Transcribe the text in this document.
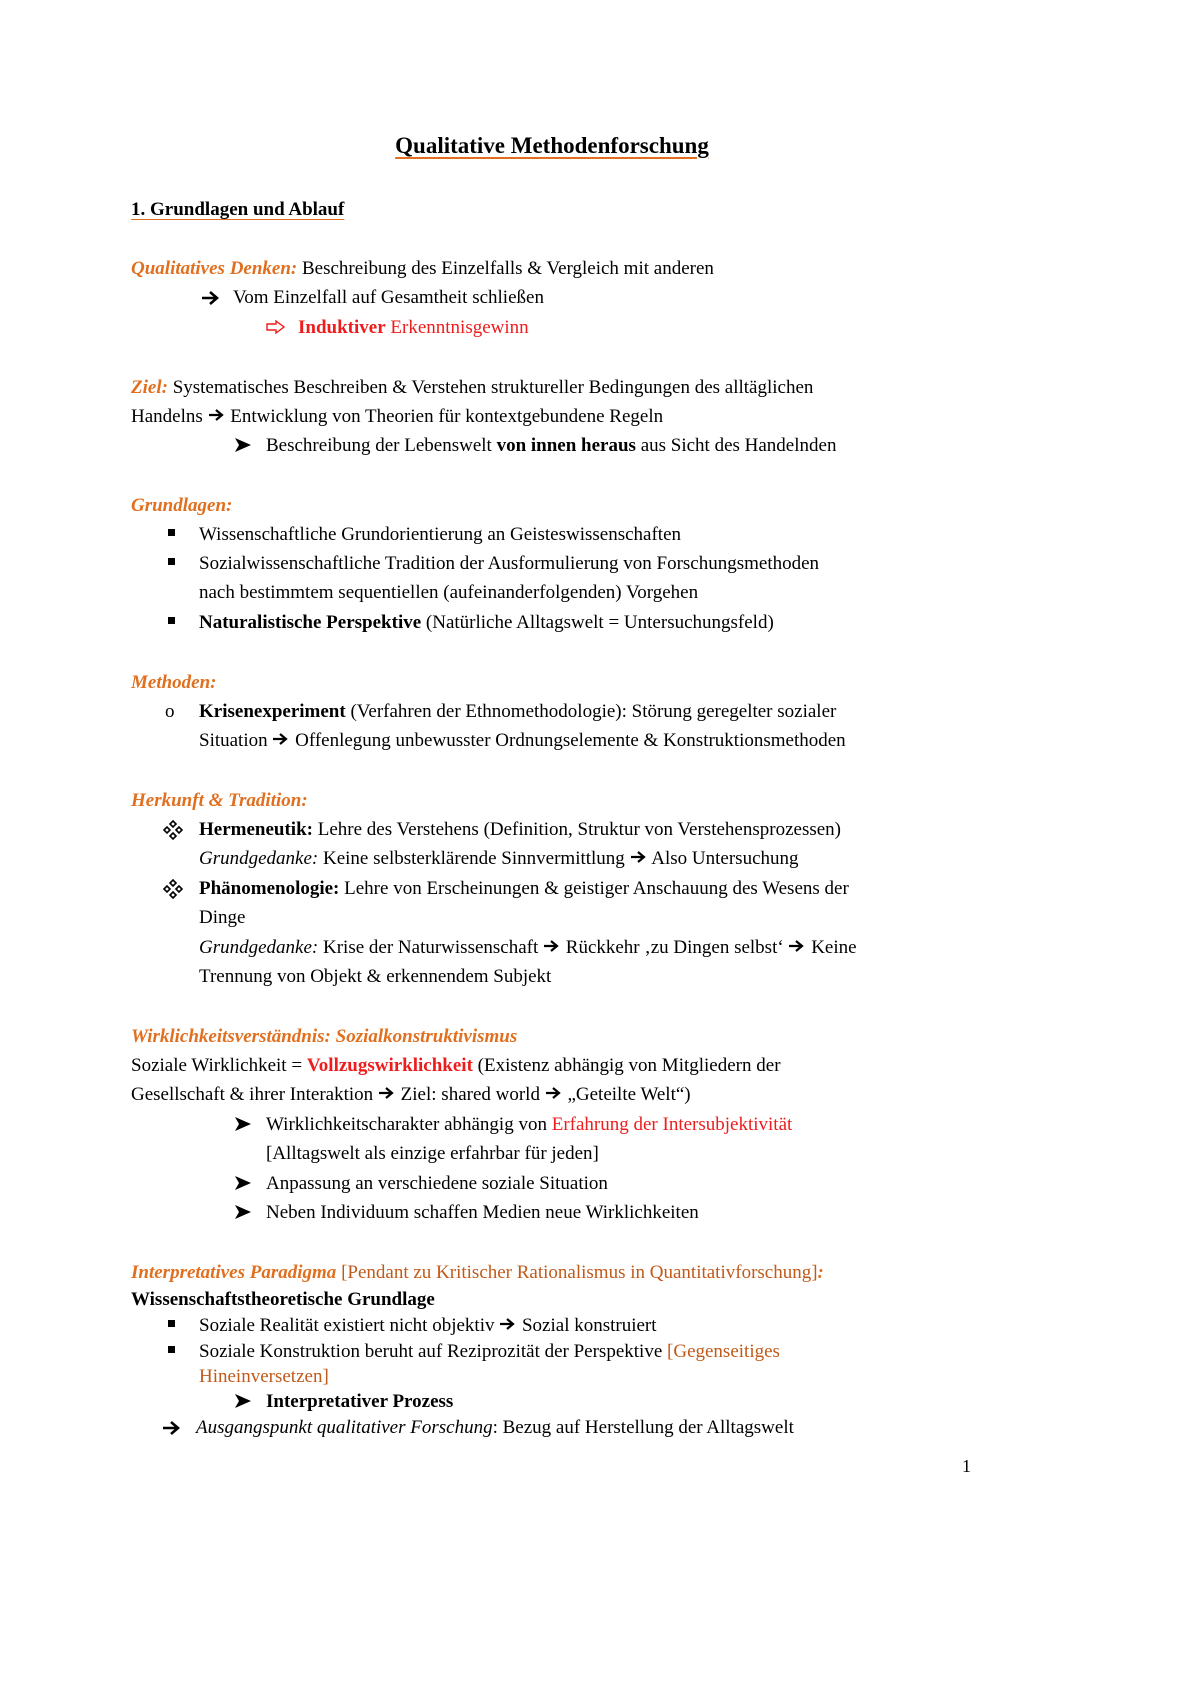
Qualitative Methodenforschung
1. Grundlagen und Ablauf
Qualitatives Denken: Beschreibung des Einzelfalls & Vergleich mit anderen
Vom Einzelfall auf Gesamtheit schließen
Induktiver Erkenntnisgewinn
Ziel: Systematisches Beschreiben & Verstehen struktureller Bedingungen des alltäglichen
Handelns  Entwicklung von Theorien für kontextgebundene Regeln
Beschreibung der Lebenswelt von innen heraus aus Sicht des Handelnden
Grundlagen:
Wissenschaftliche Grundorientierung an Geisteswissenschaften
Sozialwissenschaftliche Tradition der Ausformulierung von Forschungsmethoden
nach bestimmtem sequentiellen (aufeinanderfolgenden) Vorgehen
Naturalistische Perspektive (Natürliche Alltagswelt = Untersuchungsfeld)
Methoden:
o Krisenexperiment (Verfahren der Ethnomethodologie): Störung geregelter sozialer
Situation  Offenlegung unbewusster Ordnungselemente & Konstruktionsmethoden
Herkunft & Tradition:
Hermeneutik: Lehre des Verstehens (Definition, Struktur von Verstehensprozessen)
Grundgedanke: Keine selbsterklärende Sinnvermittlung  Also Untersuchung
Phänomenologie: Lehre von Erscheinungen & geistiger Anschauung des Wesens der
Dinge
Grundgedanke: Krise der Naturwissenschaft  Rückkehr ‚zu Dingen selbst‘  Keine
Trennung von Objekt & erkennendem Subjekt
Wirklichkeitsverständnis: Sozialkonstruktivismus
Soziale Wirklichkeit = Vollzugswirklichkeit (Existenz abhängig von Mitgliedern der
Gesellschaft & ihrer Interaktion  Ziel: shared world  „Geteilte Welt“)
Wirklichkeitscharakter abhängig von Erfahrung der Intersubjektivität
[Alltagswelt als einzige erfahrbar für jeden]
Anpassung an verschiedene soziale Situation
Neben Individuum schaffen Medien neue Wirklichkeiten
Interpretatives Paradigma [Pendant zu Kritischer Rationalismus in Quantitativforschung]:
Wissenschaftstheoretische Grundlage
Soziale Realität existiert nicht objektiv  Sozial konstruiert
Soziale Konstruktion beruht auf Reziprozität der Perspektive [Gegenseitiges
Hineinversetzen]
Interpretativer Prozess
Ausgangspunkt qualitativer Forschung: Bezug auf Herstellung der Alltagswelt
1
